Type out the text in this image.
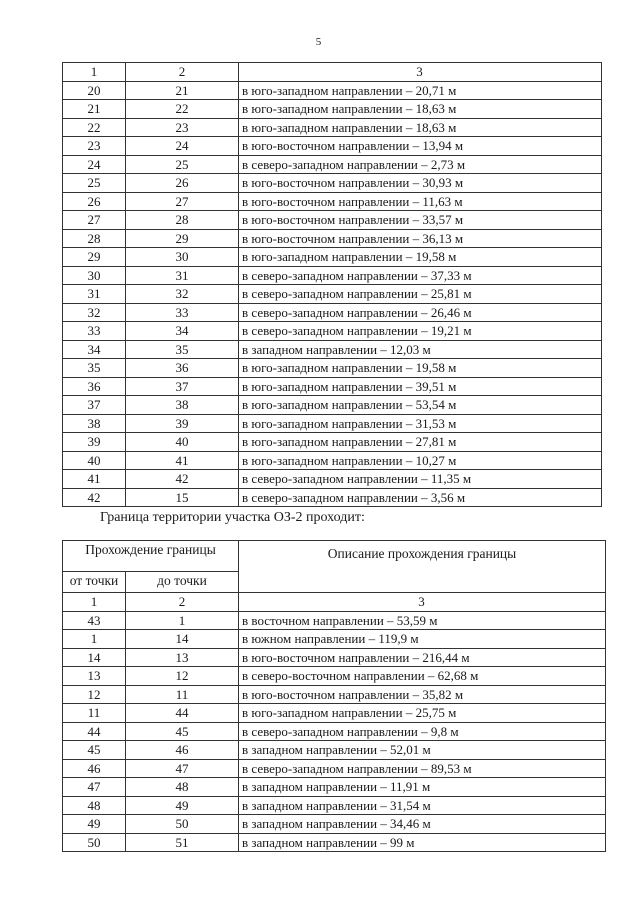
5
1	2	3
20	21	в юго-западном направлении – 20,71 м
21	22	в юго-западном направлении – 18,63 м
22	23	в юго-западном направлении – 18,63 м
23	24	в юго-восточном направлении – 13,94 м
24	25	в северо-западном направлении – 2,73 м
25	26	в юго-восточном направлении – 30,93 м
26	27	в юго-восточном направлении – 11,63 м
27	28	в юго-восточном направлении – 33,57 м
28	29	в юго-восточном направлении – 36,13 м
29	30	в юго-западном направлении – 19,58 м
30	31	в северо-западном направлении – 37,33 м
31	32	в северо-западном направлении – 25,81 м
32	33	в северо-западном направлении – 26,46 м
33	34	в северо-западном направлении – 19,21 м
34	35	в западном направлении – 12,03 м
35	36	в юго-западном направлении – 19,58 м
36	37	в юго-западном направлении – 39,51 м
37	38	в юго-западном направлении – 53,54 м
38	39	в юго-западном направлении – 31,53 м
39	40	в юго-западном направлении – 27,81 м
40	41	в юго-западном направлении – 10,27 м
41	42	в северо-западном направлении – 11,35 м
42	15	в северо-западном направлении – 3,56 м
Граница территории участка ОЗ-2 проходит:
Прохождение границы		Описание прохождения границы
от точки	до точки	
1	2	3
43	1	в восточном направлении – 53,59 м
1	14	в южном направлении – 119,9 м
14	13	в юго-восточном направлении – 216,44 м
13	12	в северо-восточном направлении – 62,68 м
12	11	в юго-восточном направлении – 35,82 м
11	44	в юго-западном направлении – 25,75 м
44	45	в северо-западном направлении – 9,8 м
45	46	в западном направлении – 52,01 м
46	47	в северо-западном направлении – 89,53 м
47	48	в западном направлении – 11,91 м
48	49	в западном направлении – 31,54 м
49	50	в западном направлении – 34,46 м
50	51	в западном направлении – 99 м
